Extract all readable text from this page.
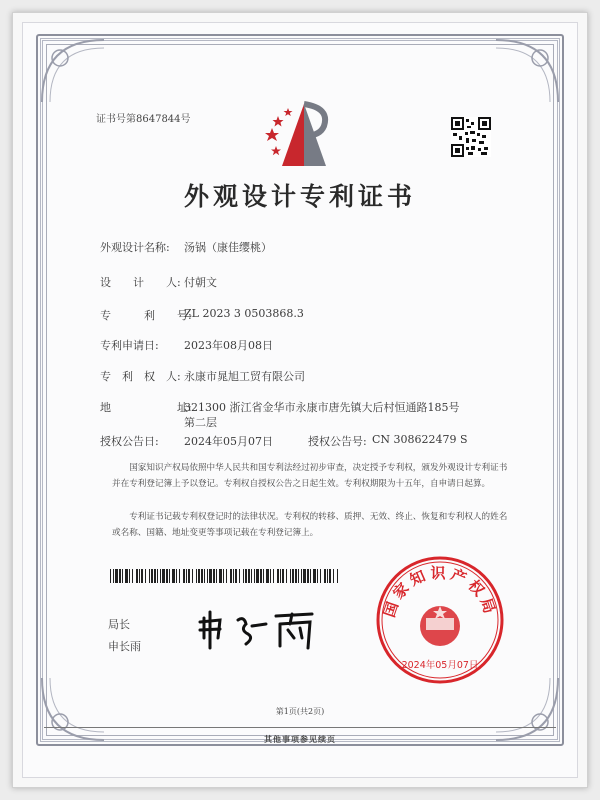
证书号第8647844号
外观设计专利证书
外观设计名称: 汤锅（康佳缨桃）
设　　计　　人: 付朝文
专　　　利　　号:
ZL 2023 3 0503868.3
专利申请日: 2023年08月08日
专　利　权　人: 永康市晁旭工贸有限公司
地　　　　　　址:
321300 浙江省金华市永康市唐先镇大后村恒通路185号
第二层
授权公告日: 2024年05月07日	授权公告号: CN 308622479 S
国家知识产权局依照中华人民共和国专利法经过初步审查，决定授予专利权，颁发外观设计专利证书并在专利登记簿上予以登记。专利权自授权公告之日起生效。专利权期限为十五年，自申请日起算。
专利证书记载专利权登记时的法律状况。专利权的转移、质押、无效、终止、恢复和专利权人的姓名或名称、国籍、地址变更等事项记载在专利登记簿上。
局长
申长雨
国家知识产权局
2024年05月07日
第1页(共2页)
其他事项参见续页
